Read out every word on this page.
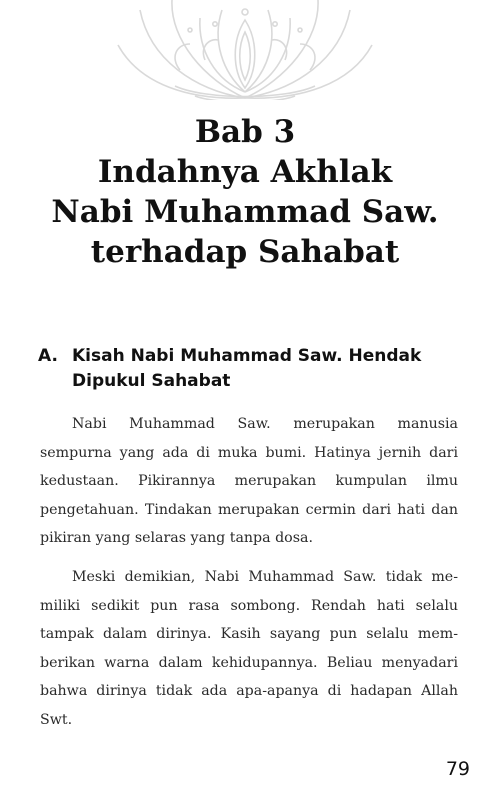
Bab 3
Indahnya Akhlak
Nabi Muhammad Saw.
terhadap Sahabat
A. Kisah Nabi Muhammad Saw. Hendak Dipukul Sahabat

Nabi Muhammad Saw. merupakan manusia sempurna yang ada di muka bumi. Hatinya jernih dari kedustaan. Pikirannya merupakan kumpulan ilmu pengetahuan. Tindakan merupakan cermin dari hati dan pikiran yang selaras yang tanpa dosa.

Meski demikian, Nabi Muhammad Saw. tidak memiliki sedikit pun rasa sombong. Rendah hati selalu tampak dalam dirinya. Kasih sayang pun selalu memberikan warna dalam kehidupannya. Beliau menyadari bahwa dirinya tidak ada apa-apanya di hadapan Allah Swt.

79
